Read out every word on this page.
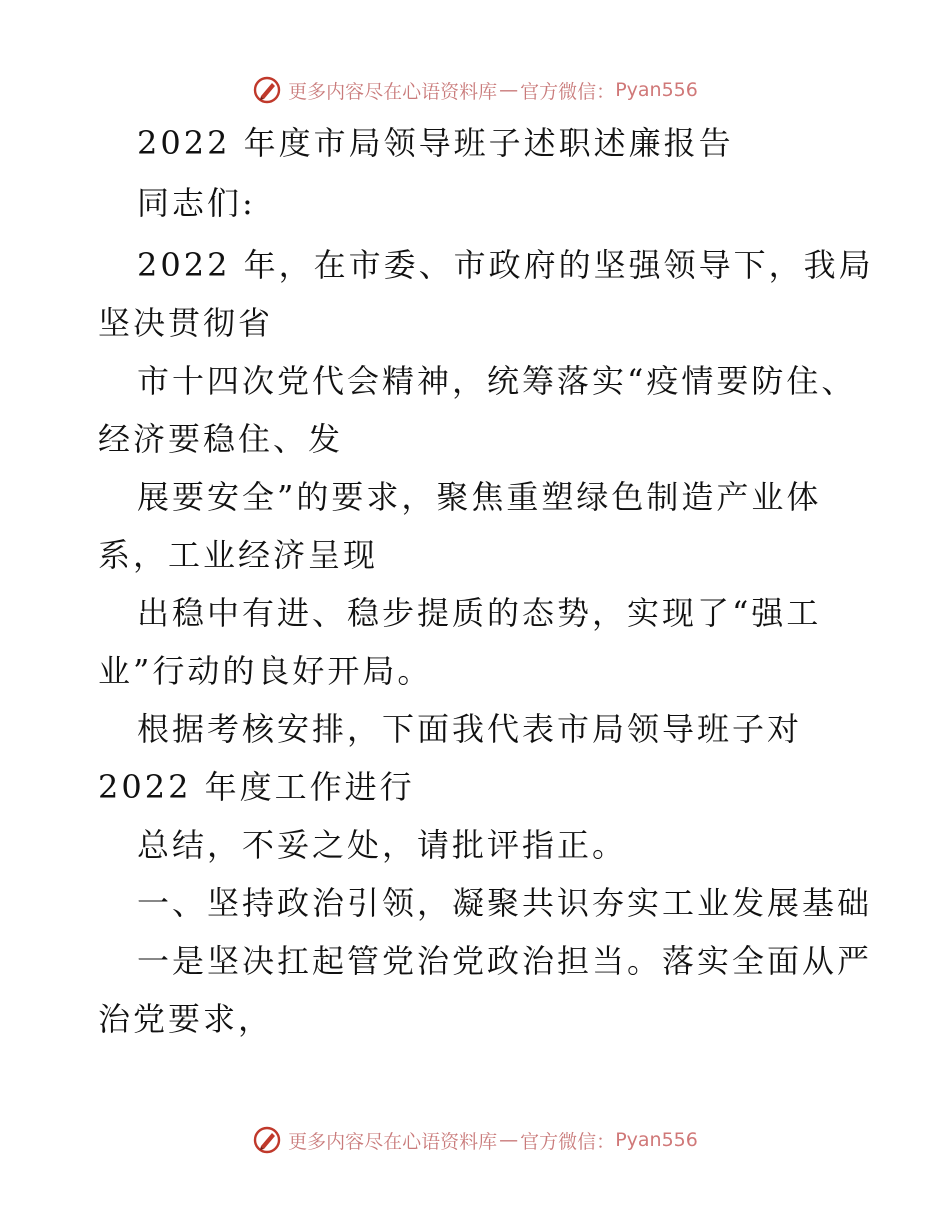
更多内容尽在心语资料库 — 官方微信： Pyan556
2022 年度市局领导班子述职述廉报告
同志们:
2022 年，在市委、市政府的坚强领导下，我局
坚决贯彻省
市十四次党代会精神，统筹落实“疫情要防住、
经济要稳住、发
展要安全”的要求，聚焦重塑绿色制造产业体
系，工业经济呈现
出稳中有进、稳步提质的态势，实现了“强工
业”行动的良好开局。
根据考核安排，下面我代表市局领导班子对
2022 年度工作进行
总结，不妥之处，请批评指正。
一、坚持政治引领，凝聚共识夯实工业发展基础
一是坚决扛起管党治党政治担当。落实全面从严
治党要求，
更多内容尽在心语资料库 — 官方微信： Pyan556
